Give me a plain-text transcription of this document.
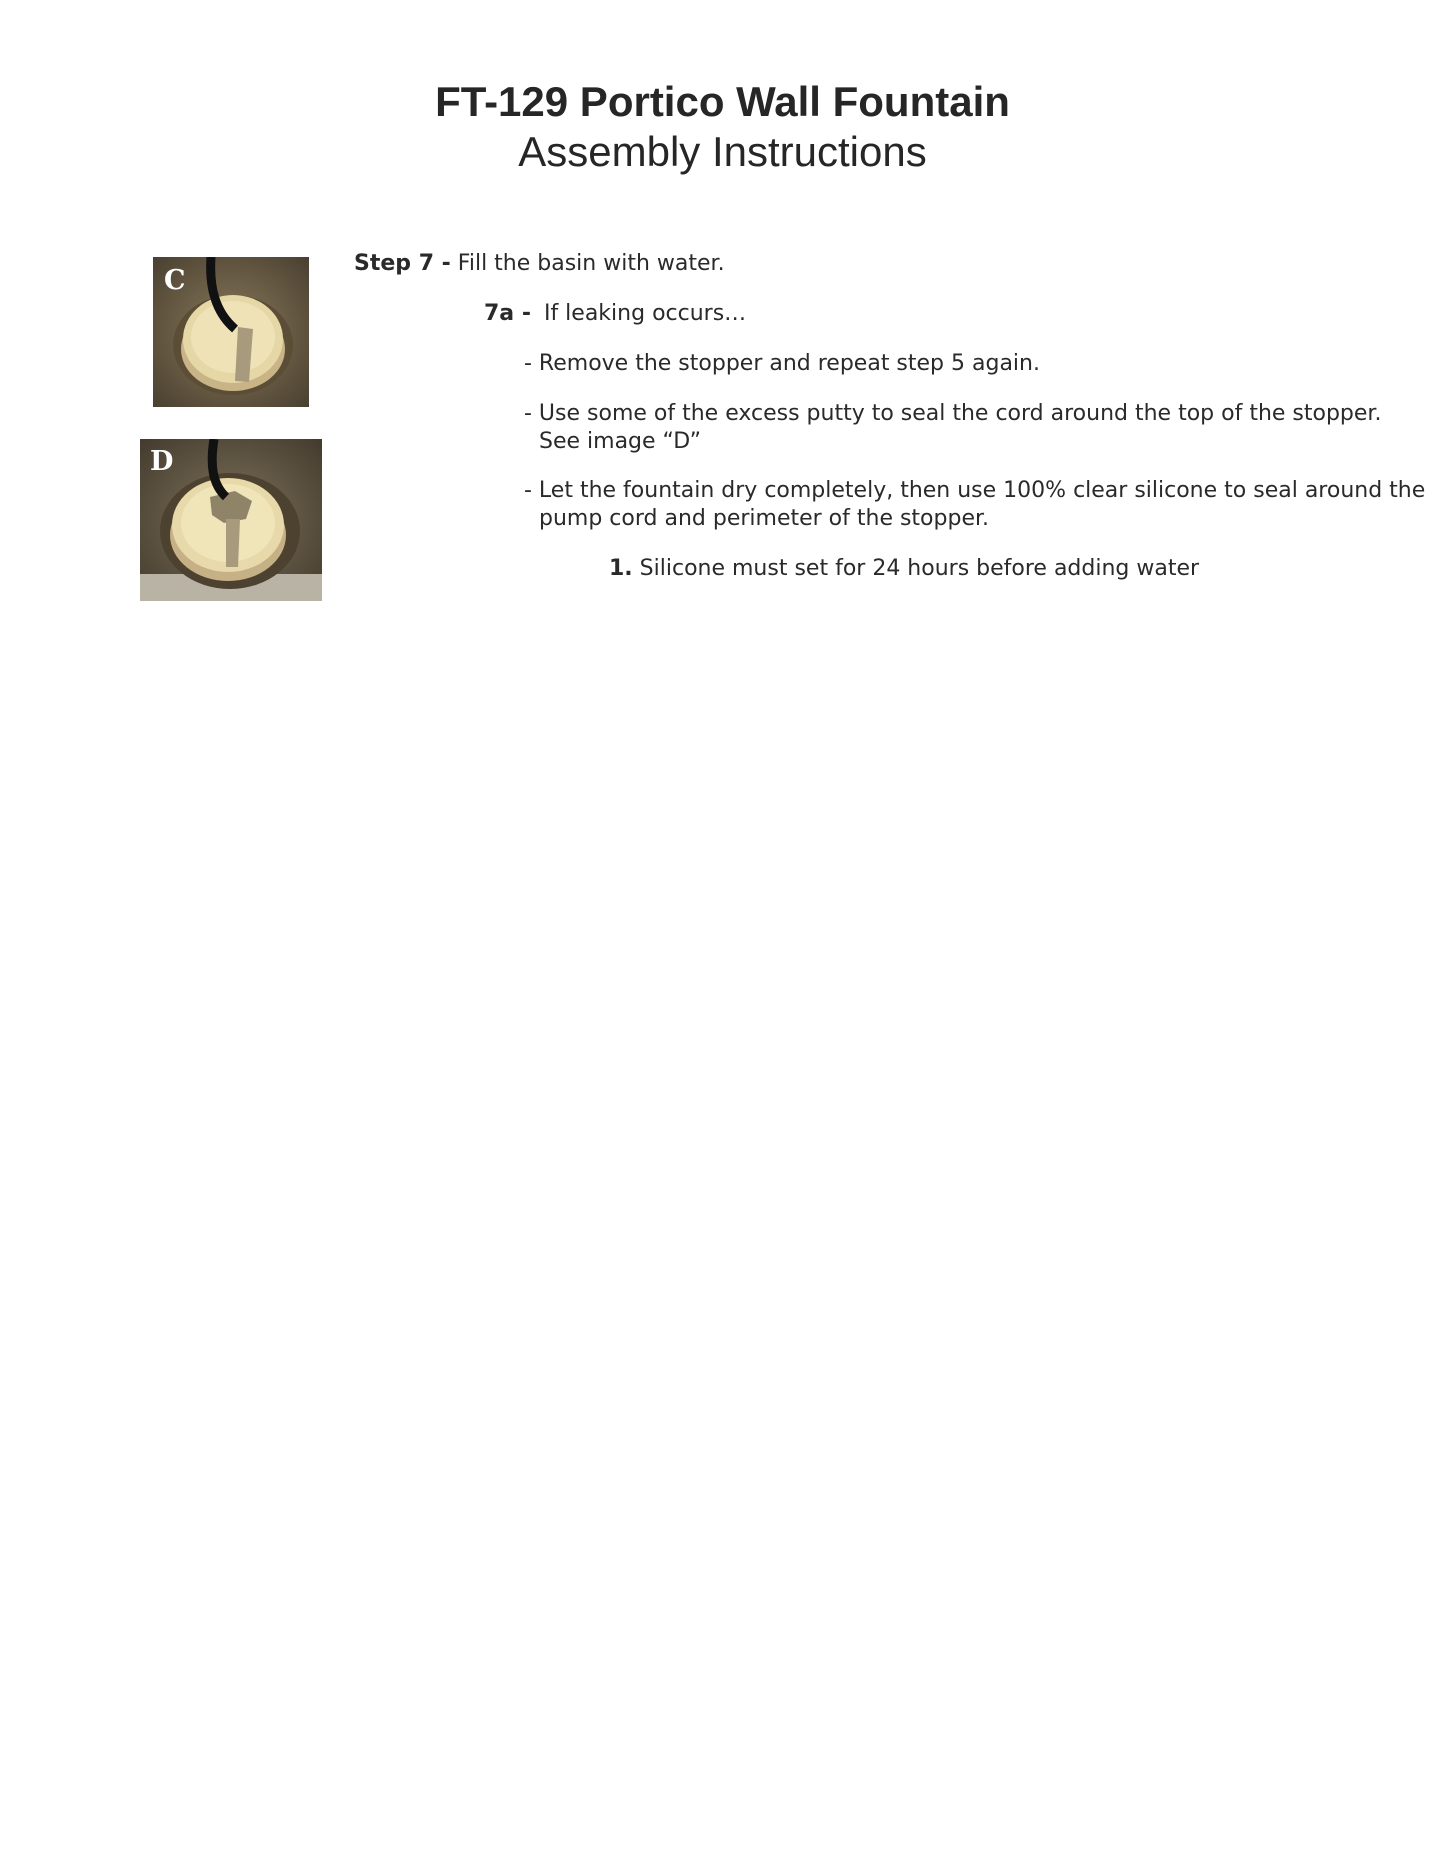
FT-129 Portico Wall Fountain
Assembly Instructions
C
D
Step 7 - Fill the basin with water.
7a - If leaking occurs…
- Remove the stopper and repeat step 5 again.
- Use some of the excess putty to seal the cord around the top of the stopper.
See image “D”
- Let the fountain dry completely, then use 100% clear silicone to seal around the
pump cord and perimeter of the stopper.
1. Silicone must set for 24 hours before adding water
